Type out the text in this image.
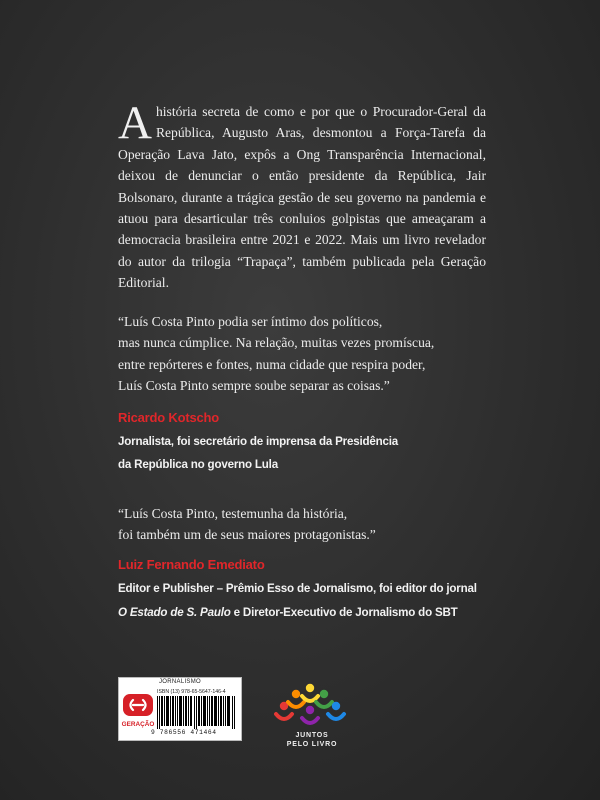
Ahistória secreta de como e por que o Procurador-Geral da República, Augusto Aras, desmontou a Força-Tarefa da Operação Lava Jato, expôs a Ong Transparência Internacional, deixou de denunciar o então presidente da República, Jair Bolsonaro, durante a trágica gestão de seu governo na pandemia e atuou para desarticular três conluios golpistas que ameaçaram a democracia brasileira entre 2021 e 2022. Mais um livro revelador do autor da trilogia “Trapaça”, também publicada pela Geração Editorial.
“Luís Costa Pinto podia ser íntimo dos políticos,
mas nunca cúmplice. Na relação, muitas vezes promíscua,
entre repórteres e fontes, numa cidade que respira poder,
Luís Costa Pinto sempre soube separar as coisas.”
Ricardo Kotscho
Jornalista, foi secretário de imprensa da Presidência
da República no governo Lula
“Luís Costa Pinto, testemunha da história,
foi também um de seus maiores protagonistas.”
Luiz Fernando Emediato
Editor e Publisher – Prêmio Esso de Jornalismo, foi editor do jornal
O Estado de S. Paulo e Diretor-Executivo de Jornalismo do SBT
JORNALISMO
GERAÇÃO
ISBN (13) 978-65-5647-146-4
9 786556 471464	JUNTOS
PELO LIVRO
